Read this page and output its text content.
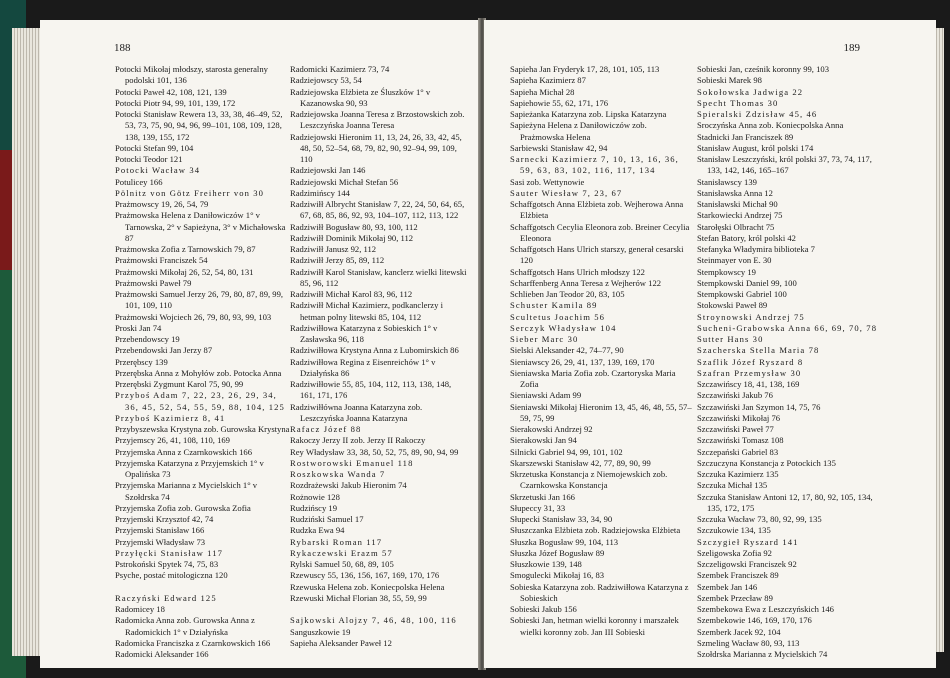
188

Potocki Mikołaj młodszy, starosta generalny podolski 101, 136

Potocki Paweł 42, 108, 121, 139

Potocki Piotr 94, 99, 101, 139, 172

Potocki Stanisław Rewera 13, 33, 38, 46–49, 52, 53, 73, 75, 90, 94, 96, 99–101, 108, 109, 128, 138, 139, 155, 172

Potocki Stefan 99, 104

Potocki Teodor 121

Potocki Wacław 34

Potulicey 166

Pölnitz von Götz Freiherr von 30

Prażmowscy 19, 26, 54, 79

Prażmowska Helena z Daniłowiczów 1° v Tarnowska, 2° v Sapieżyna, 3° v Michałowska 87

Prażmowska Zofia z Tarnowskich 79, 87

Prażmowski Franciszek 54

Prażmowski Mikołaj 26, 52, 54, 80, 131

Prażmowski Paweł 79

Prażmowski Samuel Jerzy 26, 79, 80, 87, 89, 99, 101, 109, 110

Prażmowski Wojciech 26, 79, 80, 93, 99, 103

Proski Jan 74

Przebendowscy 19

Przebendowski Jan Jerzy 87

Przerębscy 139

Przerębska Anna z Mohyłów zob. Potocka Anna

Przerębski Zygmunt Karol 75, 90, 99

Przyboś Adam 7, 22, 23, 26, 29, 34, 36, 45, 52, 54, 55, 59, 88, 104, 125

Przyboś Kazimierz 8, 41

Przybyszewska Krystyna zob. Gurowska Krystyna

Przyjemscy 26, 41, 108, 110, 169

Przyjemska Anna z Czarnkowskich 166

Przyjemska Katarzyna z Przyjemskich 1° v Opalińska 73

Przyjemska Marianna z Mycielskich 1° v Szołdrska 74

Przyjemska Zofia zob. Gurowska Zofia

Przyjemski Krzysztof 42, 74

Przyjemski Stanisław 166

Przyjemski Władysław 73

Przyłęcki Stanisław 117

Pstrokoński Spytek 74, 75, 83

Psyche, postać mitologiczna 120

Raczyński Edward 125

Radomicey 18

Radomicka Anna zob. Gurowska Anna z Radomickich 1° v Działyńska

Radomicka Franciszka z Czarnkowskich 166

Radomicki Aleksander 166

Radomicki Kazimierz 73, 74

Radziejowscy 53, 54

Radziejowska Elżbieta ze Śluszków 1° v Kazanowska 90, 93

Radziejowska Joanna Teresa z Brzostowskich zob. Leszczyńska Joanna Teresa

Radziejowski Hieronim 11, 13, 24, 26, 33, 42, 45, 48, 50, 52–54, 68, 79, 82, 90, 92–94, 99, 109, 110

Radziejowski Jan 146

Radziejowski Michał Stefan 56

Radzimińscy 144

Radziwiłł Albrycht Stanisław 7, 22, 24, 50, 64, 65, 67, 68, 85, 86, 92, 93, 104–107, 112, 113, 122

Radziwiłł Bogusław 80, 93, 100, 112

Radziwiłł Dominik Mikołaj 90, 112

Radziwiłł Janusz 92, 112

Radziwiłł Jerzy 85, 89, 112

Radziwiłł Karol Stanisław, kanclerz wielki litewski 85, 96, 112

Radziwiłł Michał Karol 83, 96, 112

Radziwiłł Michał Kazimierz, podkanclerzy i hetman polny litewski 85, 104, 112

Radziwiłłowa Katarzyna z Sobieskich 1° v Zasławska 96, 118

Radziwiłłowa Krystyna Anna z Lubomirskich 86

Radziwiłłowa Regina z Eisenreichów 1° v Działyńska 86

Radziwiłłowie 55, 85, 104, 112, 113, 138, 148, 161, 171, 176

Radziwiłłówna Joanna Katarzyna zob. Leszczyńska Joanna Katarzyna

Rafacz Józef 88

Rakoczy Jerzy II zob. Jerzy II Rakoczy

Rey Władysław 33, 38, 50, 52, 75, 89, 90, 94, 99

Rostworowski Emanuel 118

Roszkowska Wanda 7

Rozdrażewski Jakub Hieronim 74

Rożnowie 128

Rudzińscy 19

Rudziński Samuel 17

Rudzka Ewa 94

Rybarski Roman 117

Rykaczewski Erazm 57

Rylski Samuel 50, 68, 89, 105

Rzewuscy 55, 136, 156, 167, 169, 170, 176

Rzewuska Helena zob. Koniecpolska Helena

Rzewuski Michał Florian 38, 55, 59, 99

Sajkowski Alojzy 7, 46, 48, 100, 116

Sanguszkowie 19

Sapieha Aleksander Paweł 12

189

Sapieha Jan Fryderyk 17, 28, 101, 105, 113

Sapieha Kazimierz 87

Sapieha Michał 28

Sapiehowie 55, 62, 171, 176

Sapieżanka Katarzyna zob. Lipska Katarzyna

Sapieżyna Helena z Daniłowiczów zob. Prażmowska Helena

Sarbiewski Stanisław 42, 94

Sarnecki Kazimierz 7, 10, 13, 16, 36, 59, 63, 83, 102, 116, 117, 134

Sasi zob. Wettynowie

Sauter Wiesław 7, 23, 67

Schaffgotsch Anna Elżbieta zob. Wejherowa Anna Elżbieta

Schaffgotsch Cecylia Eleonora zob. Breiner Cecylia Eleonora

Schaffgotsch Hans Ulrich starszy, generał cesarski 120

Schaffgotsch Hans Ulrich młodszy 122

Scharffenberg Anna Teresa z Wejherów 122

Schlieben Jan Teodor 20, 83, 105

Schuster Kamila 89

Scultetus Joachim 56

Serczyk Władysław 104

Sieber Marc 30

Sielski Aleksander 42, 74–77, 90

Sieniawscy 26, 29, 41, 137, 139, 169, 170

Sieniawska Maria Zofia zob. Czartoryska Maria Zofia

Sieniawski Adam 99

Sieniawski Mikołaj Hieronim 13, 45, 46, 48, 55, 57–59, 75, 99

Sierakowski Andrzej 92

Sierakowski Jan 94

Silnicki Gabriel 94, 99, 101, 102

Skarszewski Stanisław 42, 77, 89, 90, 99

Skrzetuska Konstancja z Niemojewskich zob. Czarnkowska Konstancja

Skrzetuski Jan 166

Słupeccy 31, 33

Słupecki Stanisław 33, 34, 90

Słuszczanka Elżbieta zob. Radziejowska Elżbieta

Słuszka Bogusław 99, 104, 113

Słuszka Józef Bogusław 89

Słuszkowie 139, 148

Smogulecki Mikołaj 16, 83

Sobieska Katarzyna zob. Radziwiłłowa Katarzyna z Sobieskich

Sobieski Jakub 156

Sobieski Jan, hetman wielki koronny i marszałek wielki koronny zob. Jan III Sobieski

Sobieski Jan, cześnik koronny 99, 103

Sobieski Marek 98

Sokołowska Jadwiga 22

Specht Thomas 30

Spieralski Zdzisław 45, 46

Sroczyńska Anna zob. Koniecpolska Anna

Stadnicki Jan Franciszek 89

Stanisław August, król polski 174

Stanisław Leszczyński, król polski 37, 73, 74, 117, 133, 142, 146, 165–167

Stanisławscy 139

Stanisławska Anna 12

Stanisławski Michał 90

Starkowiecki Andrzej 75

Starołęski Olbracht 75

Stefan Batory, król polski 42

Stefanyka Władymira biblioteka 7

Steinmayer von E. 30

Stempkowscy 19

Stempkowski Daniel 99, 100

Stempkowski Gabriel 100

Stokowski Paweł 89

Stroynowski Andrzej 75

Sucheni-Grabowska Anna 66, 69, 70, 78

Sutter Hans 30

Szacherska Stella Maria 78

Szaflik Józef Ryszard 8

Szafran Przemysław 30

Szczawińscy 18, 41, 138, 169

Szczawiński Jakub 76

Szczawiński Jan Szymon 14, 75, 76

Szczawiński Mikołaj 76

Szczawiński Paweł 77

Szczawiński Tomasz 108

Szczepański Gabriel 83

Szczuczyna Konstancja z Potockich 135

Szczuka Kazimierz 135

Szczuka Michał 135

Szczuka Stanisław Antoni 12, 17, 80, 92, 105, 134, 135, 172, 175

Szczuka Wacław 73, 80, 92, 99, 135

Szczukowie 134, 135

Szczygieł Ryszard 141

Szeligowska Zofia 92

Szczeligowski Franciszek 92

Szembek Franciszek 89

Szembek Jan 146

Szembek Przecław 89

Szembekowa Ewa z Leszczyńskich 146

Szembekowie 146, 169, 170, 176

Szemberk Jacek 92, 104

Szmeling Wacław 80, 93, 113

Szołdrska Marianna z Mycielskich 74
